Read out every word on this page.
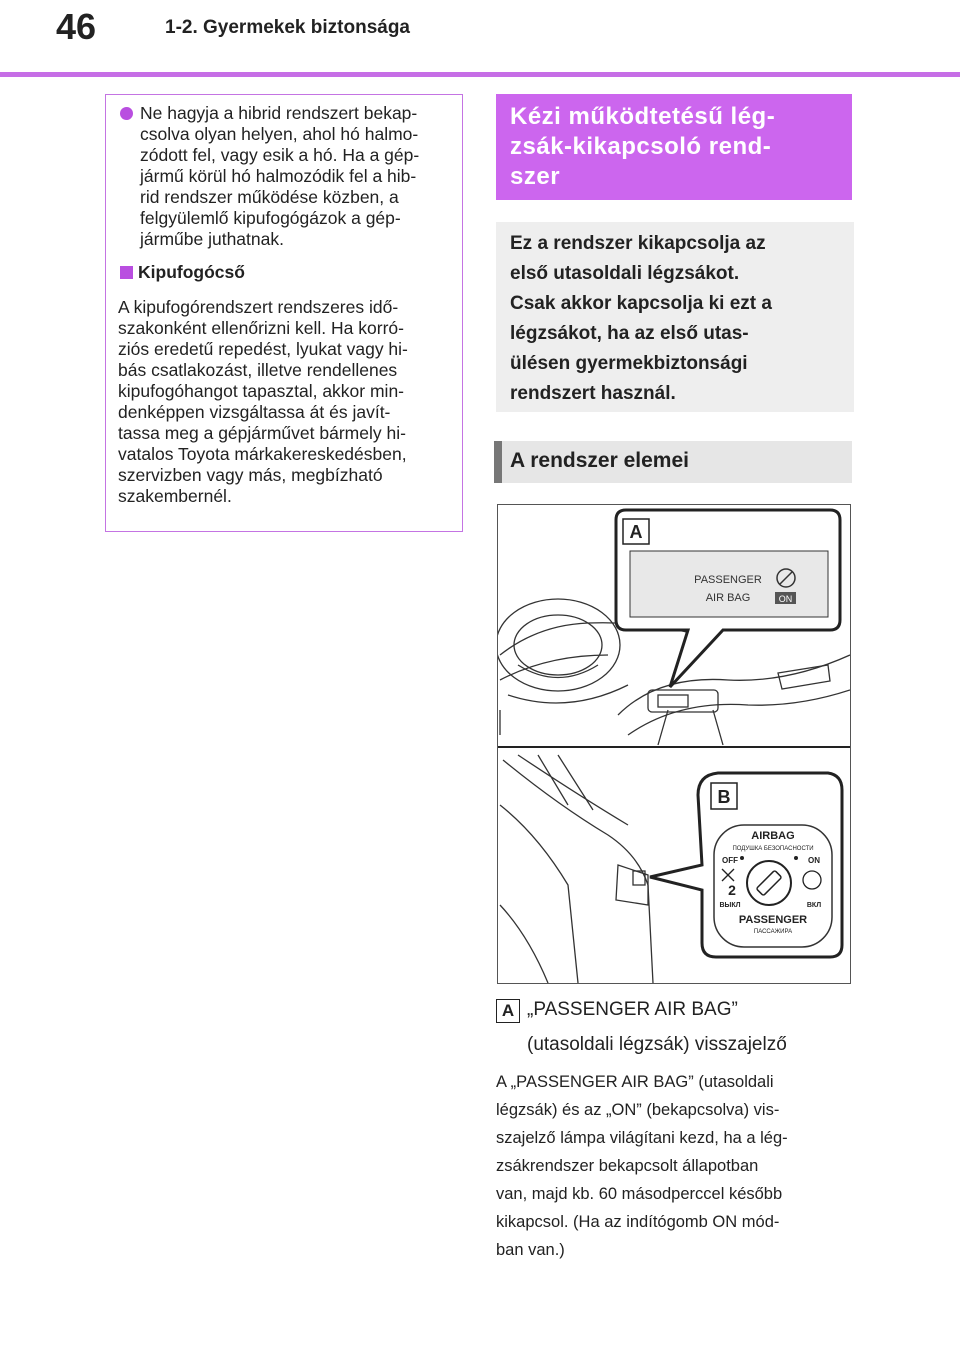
46	1-2. Gyermekek biztonsága
Ne hagyja a hibrid rendszert bekap-
csolva olyan helyen, ahol hó halmo-
zódott fel, vagy esik a hó. Ha a gép-
jármű körül hó halmozódik fel a hib-
rid rendszer működése közben, a
felgyülemlő kipufogógázok a gép-
járműbe juthatnak.
Kipufogócső
A kipufogórendszert rendszeres idő-
szakonként ellenőrizni kell. Ha korró-
ziós eredetű repedést, lyukat vagy hi-
bás csatlakozást, illetve rendellenes
kipufogóhangot tapasztal, akkor min-
denképpen vizsgáltassa át és javít-
tassa meg a gépjárművet bármely hi-
vatalos Toyota márkakereskedésben,
szervizben vagy más, megbízható
szakembernél.
Kézi működtetésű lég-
zsák-kikapcsoló rend-
szer
Ez a rendszer kikapcsolja az
első utasoldali légzsákot.
Csak akkor kapcsolja ki ezt a
légzsákot, ha az első utas-
ülésen gyermekbiztonsági
rendszert használ.
A rendszer elemei
A
PASSENGER
AIR BAG	ON
B
AIRBAG
ПОДУШКА БЕЗОПАСНОСТИ
OFF	ON
2
ВЫКЛ	ВКЛ
PASSENGER
ПАССАЖИРА
A „PASSENGER AIR BAG”
(utasoldali légzsák) visszajelző
A „PASSENGER AIR BAG” (utasoldali
légzsák) és az „ON” (bekapcsolva) vis-
szajelző lámpa világítani kezd, ha a lég-
zsákrendszer bekapcsolt állapotban
van, majd kb. 60 másodperccel később
kikapcsol. (Ha az indítógomb ON mód-
ban van.)
